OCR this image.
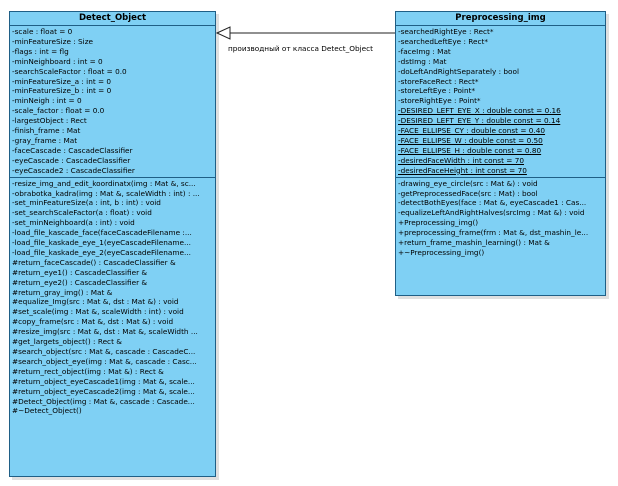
производный от класса Detect_Object
Detect_Object
-scale : float = 0
-minFeatureSize : Size
-flags : int = flg
-minNeighboard : int = 0
-searchScaleFactor : float = 0.0
-minFeatureSize_a : int = 0
-minFeatureSize_b : int = 0
-minNeigh : int = 0
-scale_factor : float = 0.0
-largestObject : Rect
-finish_frame : Mat
-gray_frame : Mat
-faceCascade : CascadeClassifier
-eyeCascade : CascadeClassifier
-eyeCascade2 : CascadeClassifier
-resize_img_and_edit_koordinatx(img : Mat &, sc...
-obrabotka_kadra(img : Mat &, scaleWidth : int) : ...
-set_minFeatureSize(a : int, b : int) : void
-set_searchScaleFactor(a : float) : void
-set_minNeighboard(a : int) : void
-load_file_kascade_face(faceCascadeFilename :...
-load_file_kaskade_eye_1(eyeCascadeFilename...
-load_file_kaskade_eye_2(eyeCascadeFilename...
#return_faceCascade() : CascadeClassifier &
#return_eye1() : CascadeClassifier &
#return_eye2() : CascadeClassifier &
#return_gray_img() : Mat &
#equalize_Img(src : Mat &, dst : Mat &) : void
#set_scale(img : Mat &, scaleWidth : int) : void
#copy_frame(src : Mat &, dst : Mat &) : void
#resize_img(src : Mat &, dst : Mat &, scaleWidth ...
#get_largets_object() : Rect &
#search_object(src : Mat &, cascade : CascadeC...
#search_object_eye(img : Mat &, cascade : Casc...
#return_rect_object(img : Mat &) : Rect &
#return_object_eyeCascade1(img : Mat &, scale...
#return_object_eyeCascade2(img : Mat &, scale...
#Detect_Object(img : Mat &, cascade : Cascade...
#~Detect_Object()
Preprocessing_img
-searchedRightEye : Rect*
-searchedLeftEye : Rect*
-faceImg : Mat
-dstImg : Mat
-doLeftAndRightSeparately : bool
-storeFaceRect : Rect*
-storeLeftEye : Point*
-storeRightEye : Point*
-DESIRED_LEFT_EYE_X : double const = 0.16
-DESIRED_LEFT_EYE_Y : double const = 0.14
-FACE_ELLIPSE_CY : double const = 0.40
-FACE_ELLIPSE_W : double const = 0.50
-FACE_ELLIPSE_H : double const = 0.80
-desiredFaceWidth : int const = 70
-desiredFaceHeight : int const = 70
-drawing_eye_circle(src : Mat &) : void
-getPreprocessedFace(src : Mat) : bool
-detectBothEyes(face : Mat &, eyeCascade1 : Cas...
-equalizeLeftAndRightHalves(srcImg : Mat &) : void
+Preprocessing_img()
+preprocessing_frame(frm : Mat &, dst_mashin_le...
+return_frame_mashin_learning() : Mat &
+~Preprocessing_img()
